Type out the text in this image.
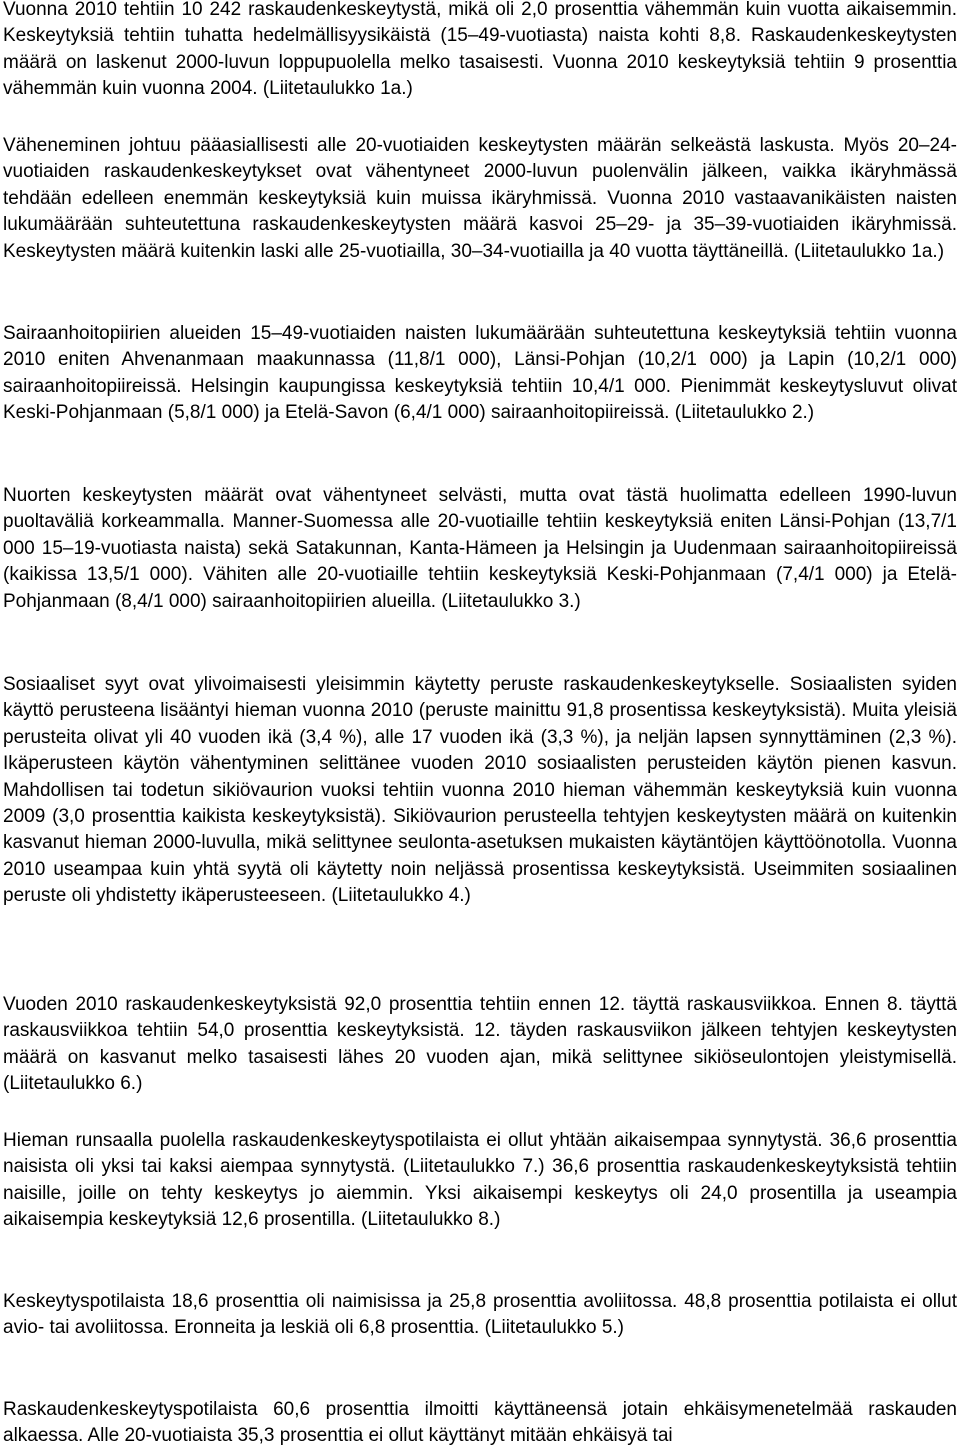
Vuonna 2010 tehtiin 10 242 raskaudenkeskeytystä, mikä oli 2,0 prosenttia vähemmän kuin vuotta aikaisemmin. Keskeytyksiä tehtiin tuhatta hedelmällisyysikäistä (15–49-vuotiasta) naista kohti 8,8. Raskaudenkeskeytysten määrä on laskenut 2000-luvun loppupuolella melko tasaisesti. Vuonna 2010 keskeytyksiä tehtiin 9 prosenttia vähemmän kuin vuonna 2004. (Liitetaulukko 1a.)

Väheneminen johtuu pääasiallisesti alle 20-vuotiaiden keskeytysten määrän selkeästä laskusta. Myös 20–24-vuotiaiden raskaudenkeskeytykset ovat vähentyneet 2000-luvun puolenvälin jälkeen, vaikka ikäryhmässä tehdään edelleen enemmän keskeytyksiä kuin muissa ikäryhmissä. Vuonna 2010 vastaavanikäisten naisten lukumäärään suhteutettuna raskaudenkeskeytysten määrä kasvoi 25–29- ja 35–39-vuotiaiden ikäryhmissä. Keskeytysten määrä kuitenkin laski alle 25-vuotiailla, 30–34-vuotiailla ja 40 vuotta täyttäneillä. (Liitetaulukko 1a.)

Sairaanhoitopiirien alueiden 15–49-vuotiaiden naisten lukumäärään suhteutettuna keskeytyksiä tehtiin vuonna 2010 eniten Ahvenanmaan maakunnassa (11,8/1 000), Länsi-Pohjan (10,2/1 000) ja Lapin (10,2/1 000) sairaanhoitopiireissä. Helsingin kaupungissa keskeytyksiä tehtiin 10,4/1 000. Pienimmät keskeytysluvut olivat Keski-Pohjanmaan (5,8/1 000) ja Etelä-Savon (6,4/1 000) sairaanhoitopiireissä. (Liitetaulukko 2.)

Nuorten keskeytysten määrät ovat vähentyneet selvästi, mutta ovat tästä huolimatta edelleen 1990-luvun puoltaväliä korkeammalla. Manner-Suomessa alle 20-vuotiaille tehtiin keskeytyksiä eniten Länsi-Pohjan (13,7/1 000 15–19-vuotiasta naista) sekä Satakunnan, Kanta-Hämeen ja Helsingin ja Uudenmaan sairaanhoitopiireissä (kaikissa 13,5/1 000). Vähiten alle 20-vuotiaille tehtiin keskeytyksiä Keski-Pohjanmaan (7,4/1 000) ja Etelä-Pohjanmaan (8,4/1 000) sairaanhoitopiirien alueilla. (Liitetaulukko 3.)

Sosiaaliset syyt ovat ylivoimaisesti yleisimmin käytetty peruste raskaudenkeskeytykselle. Sosiaalisten syiden käyttö perusteena lisääntyi hieman vuonna 2010 (peruste mainittu 91,8 prosentissa keskeytyksistä). Muita yleisiä perusteita olivat yli 40 vuoden ikä (3,4 %), alle 17 vuoden ikä (3,3 %), ja neljän lapsen synnyttäminen (2,3 %). Ikäperusteen käytön vähentyminen selittänee vuoden 2010 sosiaalisten perusteiden käytön pienen kasvun. Mahdollisen tai todetun sikiövaurion vuoksi tehtiin vuonna 2010 hieman vähemmän keskeytyksiä kuin vuonna 2009 (3,0 prosenttia kaikista keskeytyksistä). Sikiövaurion perusteella tehtyjen keskeytysten määrä on kuitenkin kasvanut hieman 2000-luvulla, mikä selittynee seulonta-asetuksen mukaisten käytäntöjen käyttöönotolla. Vuonna 2010 useampaa kuin yhtä syytä oli käytetty noin neljässä prosentissa keskeytyksistä. Useimmiten sosiaalinen peruste oli yhdistetty ikäperusteeseen. (Liitetaulukko 4.)

Vuoden 2010 raskaudenkeskeytyksistä 92,0 prosenttia tehtiin ennen 12. täyttä raskausviikkoa. Ennen 8. täyttä raskausviikkoa tehtiin 54,0 prosenttia keskeytyksistä. 12. täyden raskausviikon jälkeen tehtyjen keskeytysten määrä on kasvanut melko tasaisesti lähes 20 vuoden ajan, mikä selittynee sikiöseulontojen yleistymisellä. (Liitetaulukko 6.)

Hieman runsaalla puolella raskaudenkeskeytyspotilaista ei ollut yhtään aikaisempaa synnytystä. 36,6 prosenttia naisista oli yksi tai kaksi aiempaa synnytystä. (Liitetaulukko 7.) 36,6 prosenttia raskaudenkeskeytyksistä tehtiin naisille, joille on tehty keskeytys jo aiemmin. Yksi aikaisempi keskeytys oli 24,0 prosentilla ja useampia aikaisempia keskeytyksiä 12,6 prosentilla. (Liitetaulukko 8.)

Keskeytyspotilaista 18,6 prosenttia oli naimisissa ja 25,8 prosenttia avoliitossa. 48,8 prosenttia potilaista ei ollut avio- tai avoliitossa. Eronneita ja leskiä oli 6,8 prosenttia. (Liitetaulukko 5.)

Raskaudenkeskeytyspotilaista 60,6 prosenttia ilmoitti käyttäneensä jotain ehkäisymenetelmää raskauden alkaessa. Alle 20-vuotiaista 35,3 prosenttia ei ollut käyttänyt mitään ehkäisyä tai
